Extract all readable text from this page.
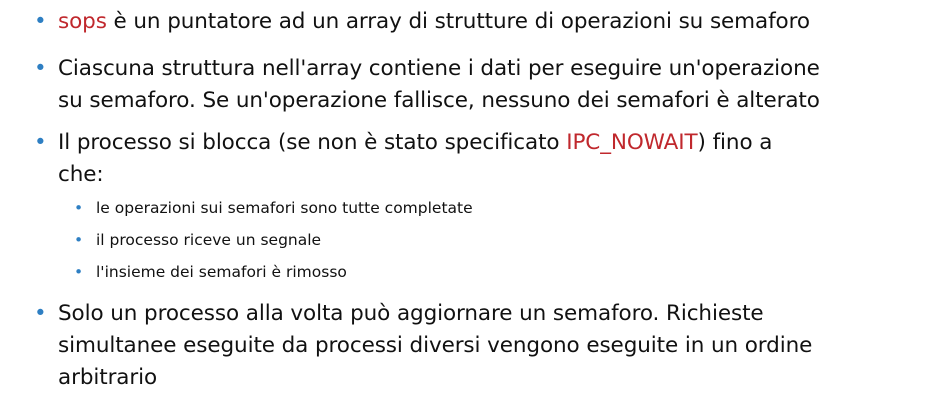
• sops è un puntatore ad un array di strutture di operazioni su semaforo
• Ciascuna struttura nell'array contiene i dati per eseguire un'operazione
su semaforo. Se un'operazione fallisce, nessuno dei semafori è alterato
• Il processo si blocca (se non è stato specificato IPC_NOWAIT) fino a
che:
• le operazioni sui semafori sono tutte completate
• il processo riceve un segnale
• l'insieme dei semafori è rimosso
• Solo un processo alla volta può aggiornare un semaforo. Richieste
simultanee eseguite da processi diversi vengono eseguite in un ordine
arbitrario
